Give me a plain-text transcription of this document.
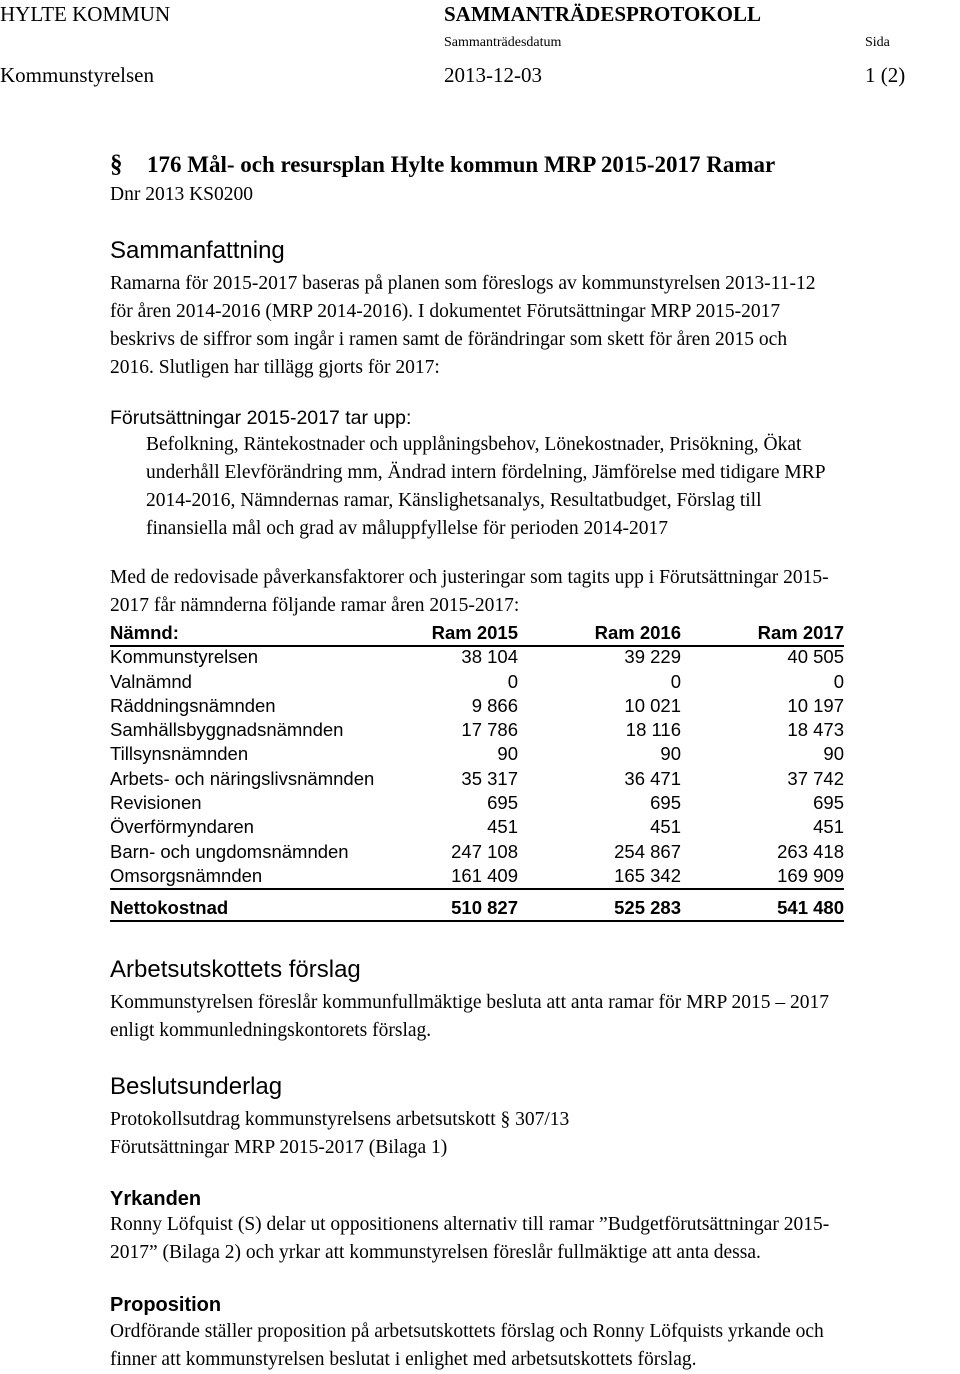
HYLTE KOMMUN	SAMMANTRÄDESPROTOKOLL
Sammanträdesdatum	Sida
Kommunstyrelsen	2013-12-03	1 (2)
§ 176 Mål- och resursplan Hylte kommun MRP 2015-2017 Ramar
Dnr 2013 KS0200
Sammanfattning
Ramarna för 2015-2017 baseras på planen som föreslogs av kommunstyrelsen 2013-11-12
för åren 2014-2016 (MRP 2014-2016). I dokumentet Förutsättningar MRP 2015-2017
beskrivs de siffror som ingår i ramen samt de förändringar som skett för åren 2015 och
2016. Slutligen har tillägg gjorts för 2017:
Förutsättningar 2015-2017 tar upp:
Befolkning, Räntekostnader och upplåningsbehov, Lönekostnader, Prisökning, Ökat
underhåll Elevförändring mm, Ändrad intern fördelning, Jämförelse med tidigare MRP
2014-2016, Nämndernas ramar, Känslighetsanalys, Resultatbudget, Förslag till
finansiella mål och grad av måluppfyllelse för perioden 2014-2017
Med de redovisade påverkansfaktorer och justeringar som tagits upp i Förutsättningar 2015-
2017 får nämnderna följande ramar åren 2015-2017:
Nämnd:	Ram 2015	Ram 2016	Ram 2017
Kommunstyrelsen	38 104	39 229	40 505
Valnämnd	0	0	0
Räddningsnämnden	9 866	10 021	10 197
Samhällsbyggnadsnämnden	17 786	18 116	18 473
Tillsynsnämnden	90	90	90
Arbets- och näringslivsnämnden	35 317	36 471	37 742
Revisionen	695	695	695
Överförmyndaren	451	451	451
Barn- och ungdomsnämnden	247 108	254 867	263 418
Omsorgsnämnden	161 409	165 342	169 909
Nettokostnad	510 827	525 283	541 480
Arbetsutskottets förslag
Kommunstyrelsen föreslår kommunfullmäktige besluta att anta ramar för MRP 2015 – 2017
enligt kommunledningskontorets förslag.
Beslutsunderlag
Protokollsutdrag kommunstyrelsens arbetsutskott § 307/13
Förutsättningar MRP 2015-2017 (Bilaga 1)
Yrkanden
Ronny Löfquist (S) delar ut oppositionens alternativ till ramar ”Budgetförutsättningar 2015-
2017” (Bilaga 2) och yrkar att kommunstyrelsen föreslår fullmäktige att anta dessa.
Proposition
Ordförande ställer proposition på arbetsutskottets förslag och Ronny Löfquists yrkande och
finner att kommunstyrelsen beslutat i enlighet med arbetsutskottets förslag.
